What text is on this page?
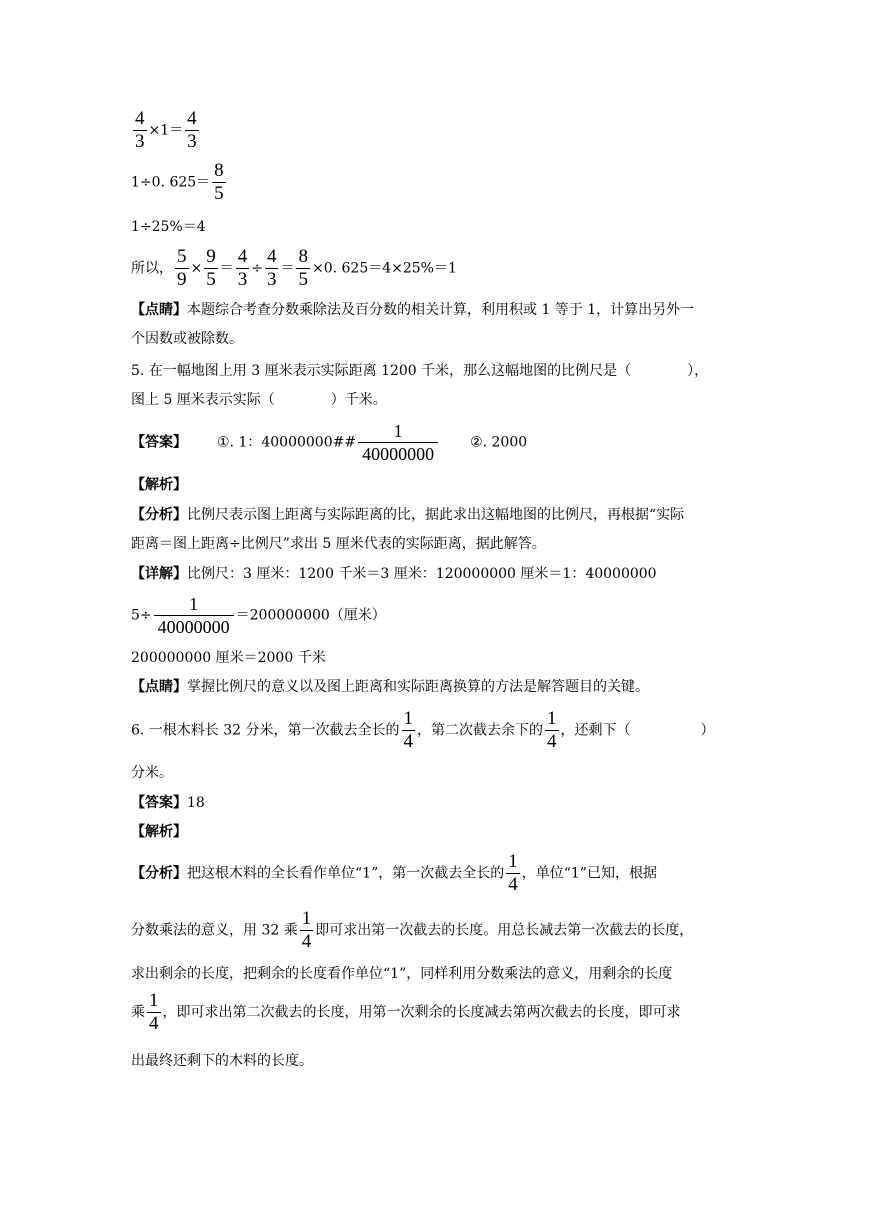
$\frac{4}{3} \times 1= \frac{4}{3}$
1÷0. $625= \frac{8}{5}$
1÷25%＝4
所以， $\frac{5}{9} \times \frac{9}{5} = \frac{4}{3} \div \frac{4}{3} = \frac{8}{5} \times 0$. 625＝4×25%＝1
【点睛】本题综合考查分数乘除法及百分数的相关计算，利用积或 1 等于 1，计算出另外一
个因数或被除数。
5. 在一幅地图上用 3 厘米表示实际距离 1200 千米，那么这幅地图的比例尺是（　　　　），
图上 5 厘米表示实际（　　　　）千米。
【答案】 ①. 1：40000000## $\frac{1}{40000000}$ ②. 2000
【解析】
【分析】比例尺表示图上距离与实际距离的比，据此求出这幅地图的比例尺，再根据“实际
距离＝图上距离÷比例尺”求出 5 厘米代表的实际距离，据此解答。
【详解】比例尺：3 厘米：1200 千米＝3 厘米：120000000 厘米＝1：40000000
$5\div \frac{1}{40000000} =200000000$（厘米）
200000000 厘米＝2000 千米
【点睛】掌握比例尺的意义以及图上距离和实际距离换算的方法是解答题目的关键。
6. 一根木料长 32 分米，第一次截去全长的 $\frac{1}{4}$ ，第二次截去余下的 $\frac{1}{4}$ ，还剩下（　　　　　）
分米。
【答案】18
【解析】
【分析】把这根木料的全长看作单位“1”，第一次截去全长的 $\frac{1}{4}$ ，单位“1”已知，根据
分数乘法的意义，用 32 乘 $\frac{1}{4}$ 即可求出第一次截去的长度。用总长减去第一次截去的长度，
求出剩余的长度，把剩余的长度看作单位“1”，同样利用分数乘法的意义，用剩余的长度
乘 $\frac{1}{4}$ ，即可求出第二次截去的长度，用第一次剩余的长度减去第两次截去的长度，即可求
出最终还剩下的木料的长度。
